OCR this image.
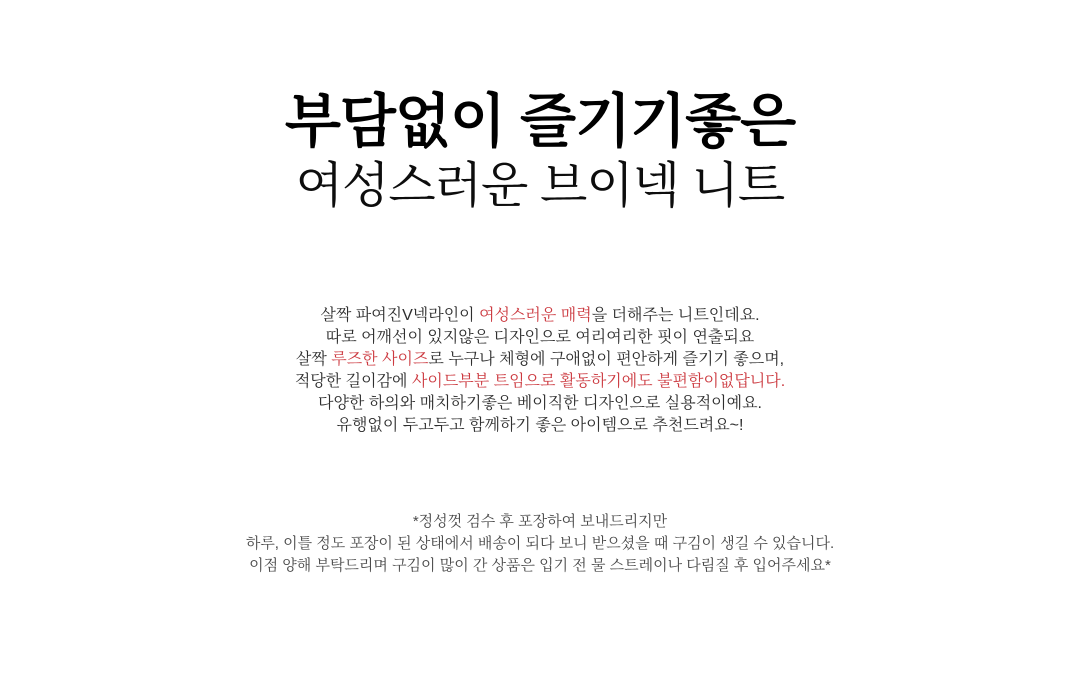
부담없이 즐기기좋은
여성스러운 브이넥 니트
살짝 파여진V넥라인이 여성스러운 매력을 더해주는 니트인데요.
따로 어깨선이 있지않은 디자인으로 여리여리한 핏이 연출되요
살짝 루즈한 사이즈로 누구나 체형에 구애없이 편안하게 즐기기 좋으며,
적당한 길이감에 사이드부분 트임으로 활동하기에도 불편함이없답니다.
다양한 하의와 매치하기좋은 베이직한 디자인으로 실용적이예요.
유행없이 두고두고 함께하기 좋은 아이템으로 추천드려요~!
*정성껏 검수 후 포장하여 보내드리지만
하루, 이틀 정도 포장이 된 상태에서 배송이 되다 보니 받으셨을 때 구김이 생길 수 있습니다.
이점 양해 부탁드리며 구김이 많이 간 상품은 입기 전 물 스트레이나 다림질 후 입어주세요*
